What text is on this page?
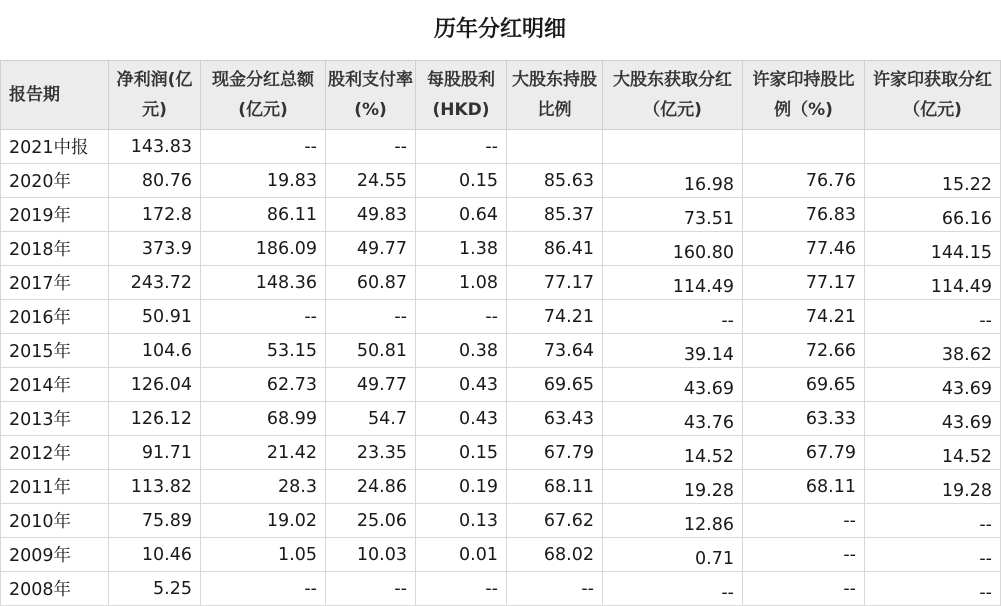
历年分红明细
报告期	净利润(亿元)	现金分红总额(亿元)	股利支付率(%)	每股股利(HKD)	大股东持股比例	大股东获取分红（亿元)	许家印持股比例（%)	许家印获取分红（亿元)
2021中报	143.83	--	--	--				
2020年	80.76	19.83	24.55	0.15	85.63	16.98	76.76	15.22
2019年	172.8	86.11	49.83	0.64	85.37	73.51	76.83	66.16
2018年	373.9	186.09	49.77	1.38	86.41	160.80	77.46	144.15
2017年	243.72	148.36	60.87	1.08	77.17	114.49	77.17	114.49
2016年	50.91	--	--	--	74.21	--	74.21	--
2015年	104.6	53.15	50.81	0.38	73.64	39.14	72.66	38.62
2014年	126.04	62.73	49.77	0.43	69.65	43.69	69.65	43.69
2013年	126.12	68.99	54.7	0.43	63.43	43.76	63.33	43.69
2012年	91.71	21.42	23.35	0.15	67.79	14.52	67.79	14.52
2011年	113.82	28.3	24.86	0.19	68.11	19.28	68.11	19.28
2010年	75.89	19.02	25.06	0.13	67.62	12.86	--	--
2009年	10.46	1.05	10.03	0.01	68.02	0.71	--	--
2008年	5.25	--	--	--	--	--	--	--
